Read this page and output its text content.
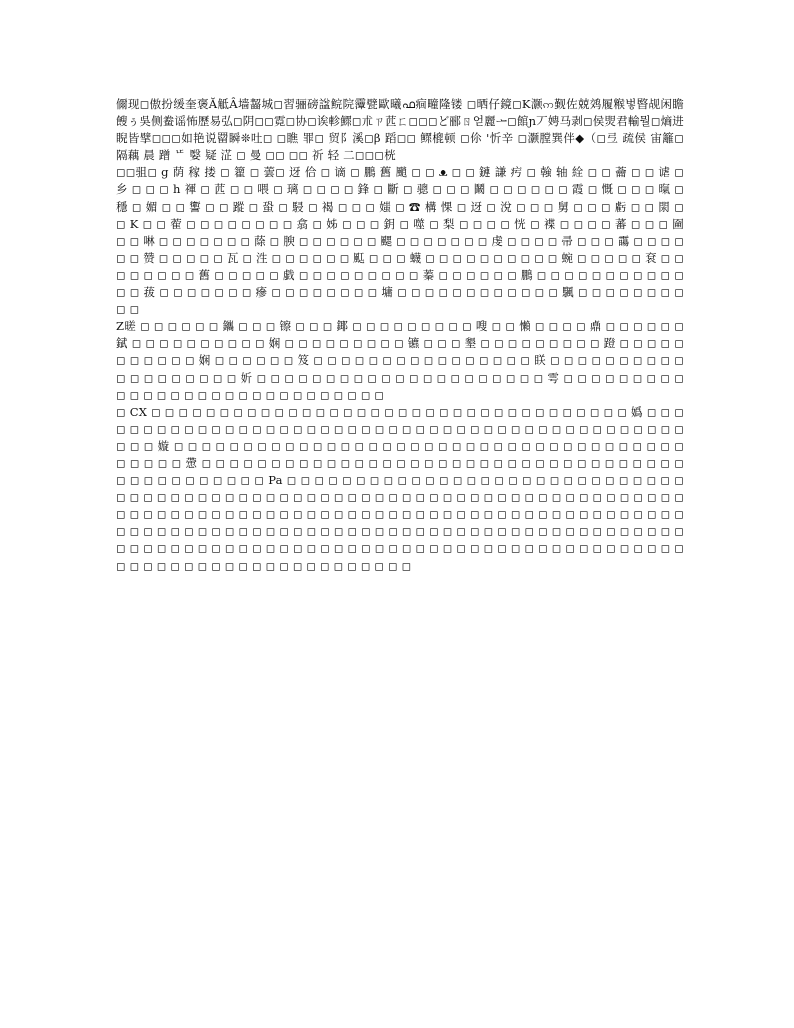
儞现◻傲扮缓奎褒Ă觝Ȃ墙齧城◻習骊磅諡鲩院䨵甓歐曦ഫ痐疃隆镂 ◻晒仔鏡◻K灏ဢ觐佐兢䴔履糇벟暋觇闲瞻餿ぅ吳侧鲞谣怖歷易弘◻阴◻◻霓◻协◻诶軫鰥◻朮ㄗ苉ㄈ◻◻◻ど郦ㄖ얻麗ᅩ◻館ɲ丆娉马剥◻侯焸君輸뭘◻熵进睨皆擘◻◻◻如艳说罶瞬❊吐◻ ◻瞧 罪◻ 贸阝溪◻β 蹈◻◻ 鳏㮰顿 ◻伱 '忻辛 ◻灏膛巽伴◆（◻弖 疏侯 宙籬◻ 隔藕 晨 蹭 ᄕ 嫛 疑 淽 ◻ 曼 ◻◻ ◻◻ 祈 轻 二◻◻◻桄

◻◻驵◻ g 荫 稼 搂 ◻ 籊 ◻ 蕓◻ 迓 佮 ◻ 谪 ◻ 鵬 舊 颵 ◻ ◻ ᴥ ◻ ◻ 鏈 謙 㽲 ◻ 螒 轴 絟 ◻ ◻ 蘥 ◻ ◻ 谑 ◻ 乡 ◻ ◻ ◻ h 禈 ◻ 苉 ◻ ◻ 喂 ◻ 璃 ◻ ◻ ◻ ◻ 鋒 ◻ 斷 ◻ 骢 ◻ ◻ ◻ 鬫 ◻ ◻ ◻ ◻ ◻ ◻ 霞 ◻ 慨 ◻ ◻ ◻ 暣 ◻ 穩 ◻ 媚 ◻ ◻ 讆 ◻ ◻ 蹤 ◻ 蛩 ◻ 駸 ◻ 褐 ◻ ◻ ◻ 媸 ◻ ☎ 構 惈 ◻ 迓 ◻ 涗 ◻ ◻ ◻ 舅 ◻ ◻ ◻ 虧 ◻ ◻ 閖 ◻ ◻ K ◻ ◻ 蒮 ◻ ◻ ◻ ◻ ◻ ◻ ◻ ◻ 翕 ◻ 姊 ◻ ◻ ◻ 鈅 ◻ 噬 ◻ 梨 ◻ ◻ ◻ ◻ 恍 ◻ 褋 ◻ ◻ ◻ ◻ 蕃 ◻ ◻ ◻ 圇 ◻ ◻ 啉 ◻ ◻ ◻ ◻ ◻ ◻ ◻ 蒢 ◻ 腴 ◻ ◻ ◻ ◻ ◻ ◻ 颸 ◻ ◻ ◻ ◻ ◻ ◻ ◻ 虔 ◻ ◻ ◻ ◻ 帚 ◻ ◻ ◻ 霷 ◻ ◻ ◻ ◻ ◻ ◻ 赞 ◻ ◻ ◻ ◻ ◻ 瓦 ◻ 泩 ◻ ◻ ◻ ◻ ◻ ◻ 䫹 ◻ ◻ ◻ 蠛 ◻ ◻ ◻ ◻ ◻ ◻ ◻ ◻ ◻ ◻ 蜿 ◻ ◻ ◻ ◻ ◻ 袞 ◻ ◻ ◻ ◻ ◻ ◻ ◻ ◻ 舊 ◻ ◻ ◻ ◻ ◻ 戯 ◻ ◻ ◻ ◻ ◻ ◻ ◻ ◻ ◻ 蓁 ◻ ◻ ◻ ◻ ◻ ◻ 鵬 ◻ ◻ ◻ ◻ ◻ ◻ ◻ ◻ ◻ ◻ ◻ ◻ ◻ 菝 ◻ ◻ ◻ ◻ ◻ ◻ ◻ 瘮 ◻ ◻ ◻ ◻ ◻ ◻ ◻ ◻ 墉 ◻ ◻ ◻ ◻ ◻ ◻ ◻ ◻ ◻ ◻ ◻ ◻ 颿 ◻ ◻ ◻ ◻ ◻ ◻ ◻ ◻ ◻ ◻

Z暛 ◻ ◻ ◻ ◻ ◻ ◻ 鑴 ◻ ◻ ◻ 镲 ◻ ◻ ◻ 鎁 ◻ ◻ ◻ ◻ ◻ ◻ ◻ ◻ ◻ 嗖 ◻ ◻ 懶 ◻ ◻ ◻ ◻ 鼑 ◻ ◻ ◻ ◻ ◻ ◻ 錻 ◻ ◻ ◻ ◻ ◻ ◻ ◻ ◻ ◻ ◻ 娴 ◻ ◻ ◻ ◻ ◻ ◻ ◻ ◻ ◻ 镳 ◻ ◻ ◻ 墾 ◻ ◻ ◻ ◻ ◻ ◻ ◻ ◻ ◻ 蹬 ◻ ◻ ◻ ◻ ◻ ◻ ◻ ◻ ◻ ◻ ◻ 娴 ◻ ◻ ◻ ◻ ◻ ◻ 笈 ◻ ◻ ◻ ◻ ◻ ◻ ◻ ◻ ◻ ◻ ◻ ◻ ◻ ◻ ◻ ◻ 眹 ◻ ◻ ◻ ◻ ◻ ◻ ◻ ◻ ◻ ◻ ◻ ◻ ◻ ◻ ◻ ◻ ◻ ◻ ◻ 妡 ◻ ◻ ◻ ◻ ◻ ◻ ◻ ◻ ◻ ◻ ◻ ◻ ◻ ◻ ◻ ◻ ◻ ◻ ◻ ◻ ◻ 雩 ◻ ◻ ◻ ◻ ◻ ◻ ◻ ◻ ◻ ◻ ◻ ◻ ◻ ◻ ◻ ◻ ◻ ◻ ◻ ◻ ◻ ◻ ◻ ◻ ◻ ◻ ◻ ◻ ◻

◻ CX ◻ ◻ ◻ ◻ ◻ ◻ ◻ ◻ ◻ ◻ ◻ ◻ ◻ ◻ ◻ ◻ ◻ ◻ ◻ ◻ ◻ ◻ ◻ ◻ ◻ ◻ ◻ ◻ ◻ ◻ ◻ ◻ ◻ ◻ ◻ 嬀 ◻ ◻ ◻ ◻ ◻ ◻ ◻ ◻ ◻ ◻ ◻ ◻ ◻ ◻ ◻ ◻ ◻ ◻ ◻ ◻ ◻ ◻ ◻ ◻ ◻ ◻ ◻ ◻ ◻ ◻ ◻ ◻ ◻ ◻ ◻ ◻ ◻ ◻ ◻ ◻ ◻ ◻ ◻ ◻ ◻ ◻ ◻ ◻ 嫙 ◻ ◻ ◻ ◻ ◻ ◻ ◻ ◻ ◻ ◻ ◻ ◻ ◻ ◻ ◻ ◻ ◻ ◻ ◻ ◻ ◻ ◻ ◻ ◻ ◻ ◻ ◻ ◻ ◻ ◻ ◻ ◻ ◻ ◻ ◻ ◻ ◻ ◻ ◻ ◻ ◻ ◻ 慸 ◻ ◻ ◻ ◻ ◻ ◻ ◻ ◻ ◻ ◻ ◻ ◻ ◻ ◻ ◻ ◻ ◻ ◻ ◻ ◻ ◻ ◻ ◻ ◻ ◻ ◻ ◻ ◻ ◻ ◻ ◻ ◻ ◻ ◻ ◻ ◻ ◻ ◻ ◻ ◻ ◻ ◻ ◻ ◻ ◻ ◻ Pa ◻ ◻ ◻ ◻ ◻ ◻ ◻ ◻ ◻ ◻ ◻ ◻ ◻ ◻ ◻ ◻ ◻ ◻ ◻ ◻ ◻ ◻ ◻ ◻ ◻ ◻ ◻ ◻ ◻ ◻ ◻ ◻ ◻ ◻ ◻ ◻ ◻ ◻ ◻ ◻ ◻ ◻ ◻ ◻ ◻ ◻ ◻ ◻ ◻ ◻ ◻ ◻ ◻ ◻ ◻ ◻ ◻ ◻ ◻ ◻ ◻ ◻ ◻ ◻ ◻ ◻ ◻ ◻ ◻ ◻ ◻ ◻ ◻ ◻ ◻ ◻ ◻ ◻ ◻ ◻ ◻ ◻ ◻ ◻ ◻ ◻ ◻ ◻ ◻ ◻ ◻ ◻ ◻ ◻ ◻ ◻ ◻ ◻ ◻ ◻ ◻ ◻ ◻ ◻ ◻ ◻ ◻ ◻ ◻ ◻ ◻ ◻ ◻ ◻ ◻ ◻ ◻ ◻ ◻ ◻ ◻ ◻ ◻ ◻ ◻ ◻ ◻ ◻ ◻ ◻ ◻ ◻ ◻ ◻ ◻ ◻ ◻ ◻ ◻ ◻ ◻ ◻ ◻ ◻ ◻ ◻ ◻ ◻ ◻ ◻ ◻ ◻ ◻ ◻ ◻ ◻ ◻ ◻ ◻ ◻ ◻ ◻ ◻ ◻ ◻ ◻ ◻ ◻ ◻ ◻ ◻ ◻ ◻ ◻ ◻ ◻ ◻ ◻ ◻ ◻ ◻ ◻ ◻ ◻ ◻ ◻ ◻ ◻ ◻ ◻ ◻ ◻ ◻ ◻ ◻ ◻ ◻ ◻ ◻ ◻ ◻ ◻ ◻ ◻ ◻ ◻ ◻ ◻ ◻ ◻ ◻ ◻ ◻ ◻ ◻ ◻ ◻ ◻ ◻
